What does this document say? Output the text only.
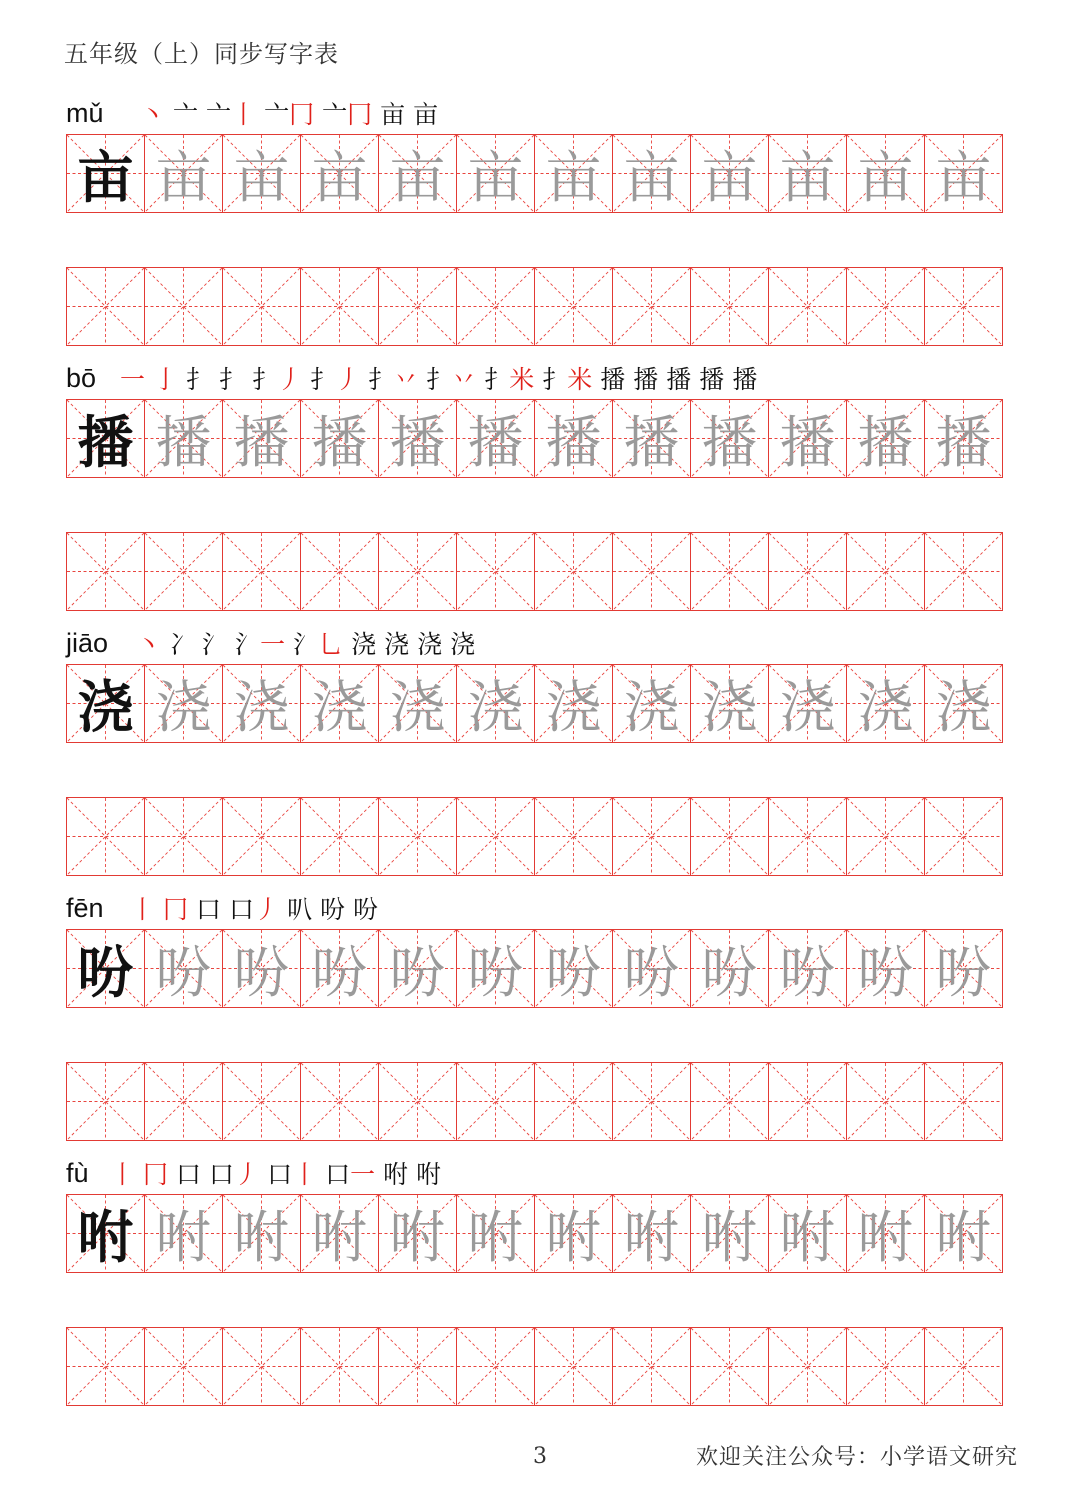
五年级（上）同步写字表
mǔ 丶 亠 亠丨 亠冂 亠冂 亩 亩
亩 亩 亩 亩 亩 亩 亩 亩 亩 亩 亩 亩
bō 一 亅 扌 扌 扌丿 扌丿 扌丷 扌丷 扌米 扌米 播 播 播 播 播
播 播 播 播 播 播 播 播 播 播 播 播
jiāo 丶 冫 氵 氵一 氵乚 浇 浇 浇 浇
浇 浇 浇 浇 浇 浇 浇 浇 浇 浇 浇 浇
fēn 丨 冂 口 口丿 叭 吩 吩
吩 吩 吩 吩 吩 吩 吩 吩 吩 吩 吩 吩
fù 丨 冂 口 口丿 口丨 口一 咐 咐
咐 咐 咐 咐 咐 咐 咐 咐 咐 咐 咐 咐
3	欢迎关注公众号：小学语文研究
